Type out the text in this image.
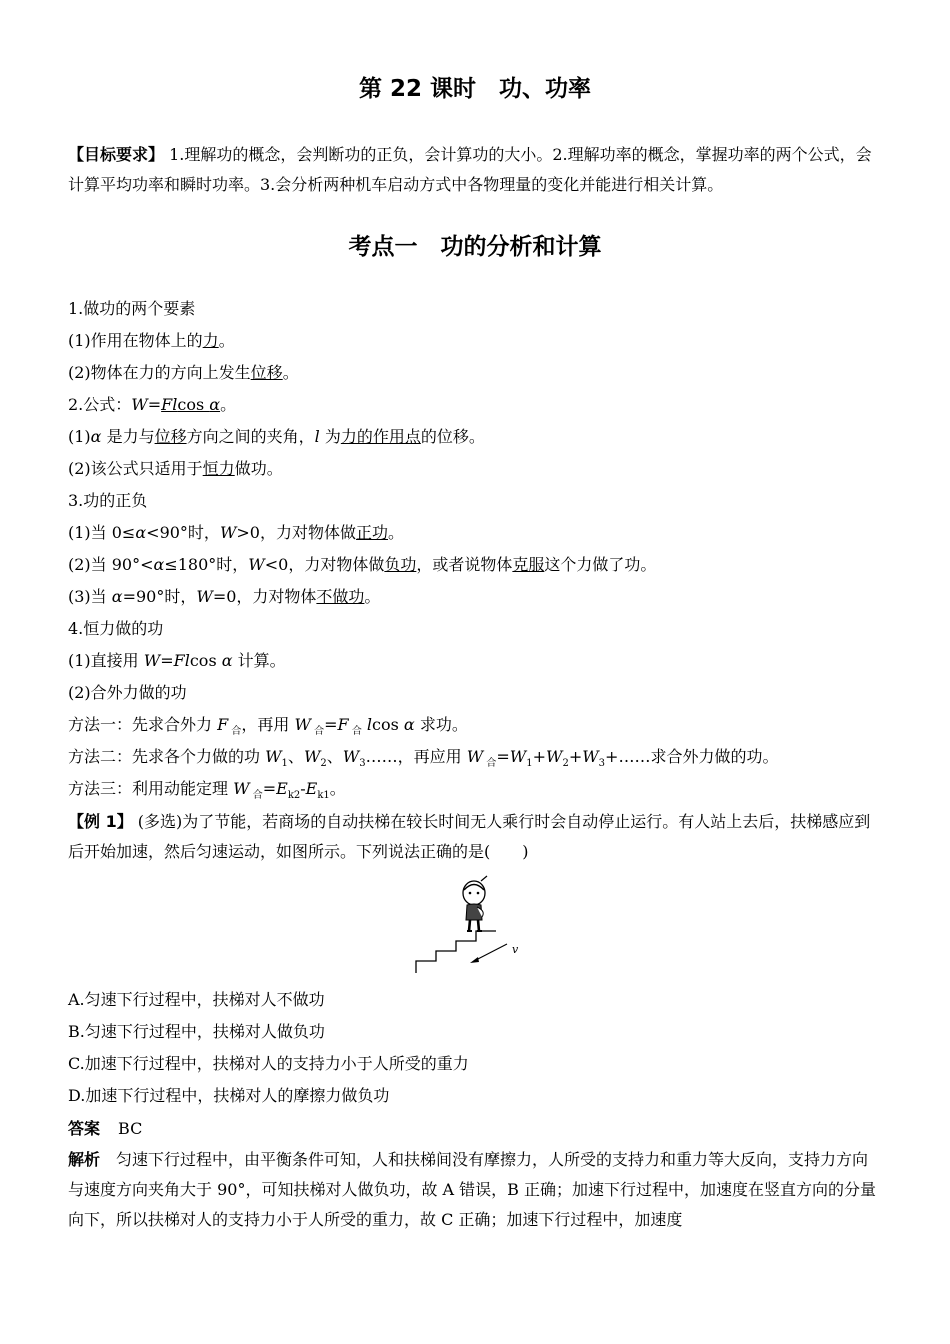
第 22 课时　功、功率
【目标要求】 1.理解功的概念，会判断功的正负，会计算功的大小。2.理解功率的概念，掌握功率的两个公式，会计算平均功率和瞬时功率。3.会分析两种机车启动方式中各物理量的变化并能进行相关计算。
考点一　功的分析和计算
1.做功的两个要素
(1)作用在物体上的力。
(2)物体在力的方向上发生位移。
2.公式：W=Flcos α。
(1)α 是力与位移方向之间的夹角，l 为力的作用点的位移。
(2)该公式只适用于恒力做功。
3.功的正负
(1)当 0≤α<90°时，W>0，力对物体做正功。
(2)当 90°<α≤180°时，W<0，力对物体做负功，或者说物体克服这个力做了功。
(3)当 α=90°时，W=0，力对物体不做功。
4.恒力做的功
(1)直接用 W=Flcos α 计算。
(2)合外力做的功
方法一：先求合外力 F $_合$，再用 W $_合$=F $_合$ lcos α 求功。
方法二：先求各个力做的功 $W_1$、$W_2$、$W_3\dots\dots$，再应用 W $_合=W_1+W_2+W_3+\dots\dots$求合外力做的功。
方法三：利用动能定理 W $_合=E_{k2}-E_{k1}$。
【例 1】 (多选)为了节能，若商场的自动扶梯在较长时间无人乘行时会自动停止运行。有人站上去后，扶梯感应到后开始加速，然后匀速运动，如图所示。下列说法正确的是(　　)
v
A.匀速下行过程中，扶梯对人不做功
B.匀速下行过程中，扶梯对人做负功
C.加速下行过程中，扶梯对人的支持力小于人所受的重力
D.加速下行过程中，扶梯对人的摩擦力做负功
答案 BC
解析 匀速下行过程中，由平衡条件可知，人和扶梯间没有摩擦力，人所受的支持力和重力等大反向，支持力方向与速度方向夹角大于 90°，可知扶梯对人做负功，故 A 错误，B 正确；加速下行过程中，加速度在竖直方向的分量向下，所以扶梯对人的支持力小于人所受的重力，故 C 正确；加速下行过程中，加速度
